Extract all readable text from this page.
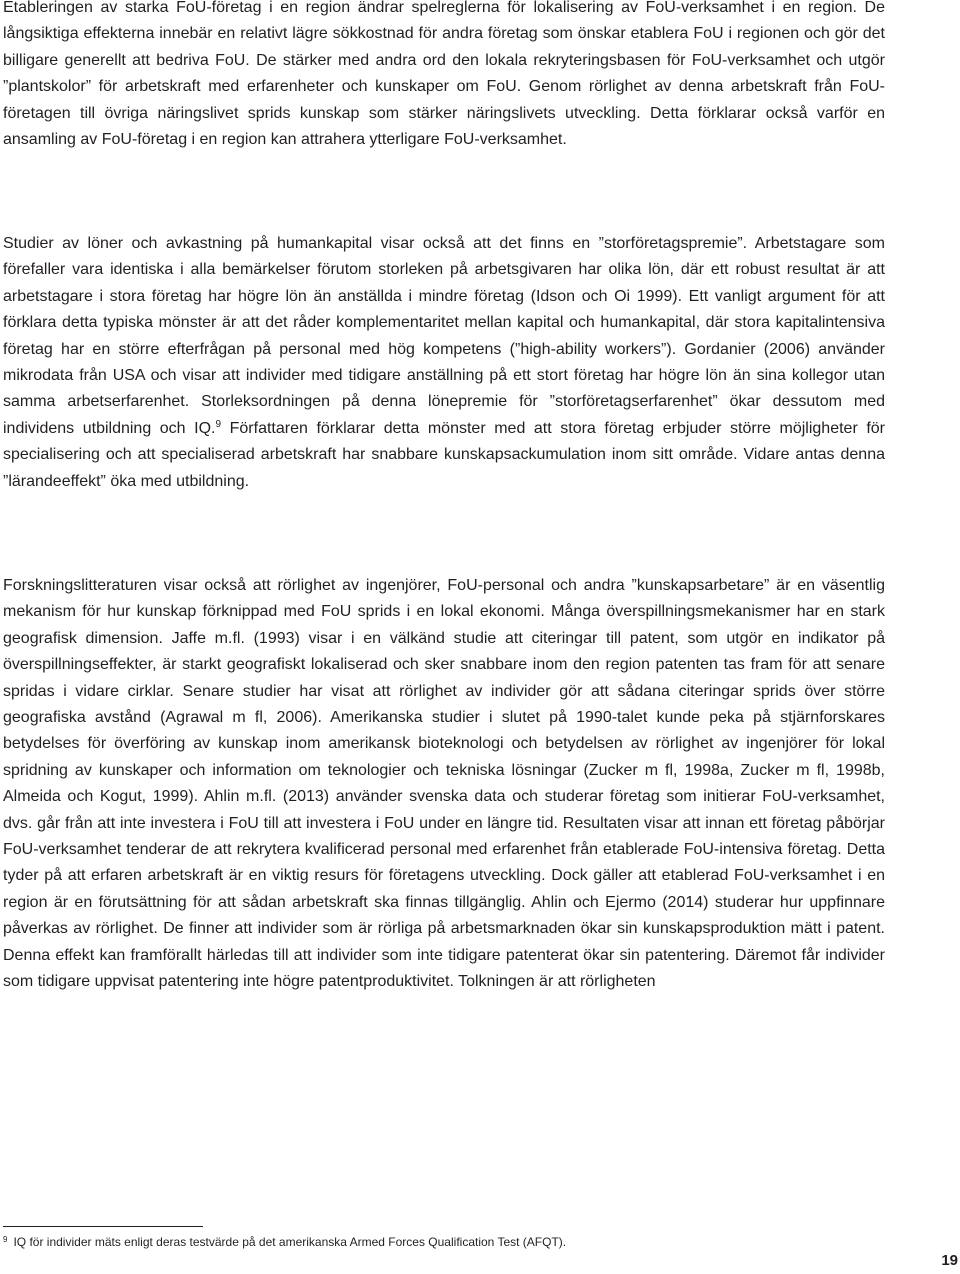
Etableringen av starka FoU-företag i en region ändrar spelreglerna för lokalisering av FoU-verksamhet i en region. De långsiktiga effekterna innebär en relativt lägre sökkostnad för andra företag som önskar etablera FoU i regionen och gör det billigare generellt att bedriva FoU. De stärker med andra ord den lokala rekryteringsbasen för FoU-verksamhet och utgör ”plantskolor” för arbetskraft med erfarenheter och kunskaper om FoU. Genom rörlighet av denna arbetskraft från FoU-företagen till övriga näringslivet sprids kunskap som stärker näringslivets utveckling. Detta förklarar också varför en ansamling av FoU-företag i en region kan attrahera ytterligare FoU-verksamhet.

Studier av löner och avkastning på humankapital visar också att det finns en ”storföretagspremie”. Arbetstagare som förefaller vara identiska i alla bemärkelser förutom storleken på arbetsgivaren har olika lön, där ett robust resultat är att arbetstagare i stora företag har högre lön än anställda i mindre företag (Idson och Oi 1999). Ett vanligt argument för att förklara detta typiska mönster är att det råder komplementaritet mellan kapital och humankapital, där stora kapitalintensiva företag har en större efterfrågan på personal med hög kompetens (”high-ability workers”). Gordanier (2006) använder mikrodata från USA och visar att individer med tidigare anställning på ett stort företag har högre lön än sina kollegor utan samma arbetserfarenhet. Storleksordningen på denna lönepremie för ”storföretagserfarenhet” ökar dessutom med individens utbildning och IQ.$^9$ Författaren förklarar detta mönster med att stora företag erbjuder större möjligheter för specialisering och att specialiserad arbetskraft har snabbare kunskapsackumulation inom sitt område. Vidare antas denna ”lärandeeffekt” öka med utbildning.

Forskningslitteraturen visar också att rörlighet av ingenjörer, FoU-personal och andra ”kunskapsarbetare” är en väsentlig mekanism för hur kunskap förknippad med FoU sprids i en lokal ekonomi. Många överspillningsmekanismer har en stark geografisk dimension. Jaffe m.fl. (1993) visar i en välkänd studie att citeringar till patent, som utgör en indikator på överspillningseffekter, är starkt geografiskt lokaliserad och sker snabbare inom den region patenten tas fram för att senare spridas i vidare cirklar. Senare studier har visat att rörlighet av individer gör att sådana citeringar sprids över större geografiska avstånd (Agrawal m fl, 2006). Amerikanska studier i slutet på 1990-talet kunde peka på stjärnforskares betydelses för överföring av kunskap inom amerikansk bioteknologi och betydelsen av rörlighet av ingenjörer för lokal spridning av kunskaper och information om teknologier och tekniska lösningar (Zucker m fl, 1998a, Zucker m fl, 1998b, Almeida och Kogut, 1999). Ahlin m.fl. (2013) använder svenska data och studerar företag som initierar FoU-verksamhet, dvs. går från att inte investera i FoU till att investera i FoU under en längre tid. Resultaten visar att innan ett företag påbörjar FoU-verksamhet tenderar de att rekrytera kvalificerad personal med erfarenhet från etablerade FoU-intensiva företag. Detta tyder på att erfaren arbetskraft är en viktig resurs för företagens utveckling. Dock gäller att etablerad FoU-verksamhet i en region är en förutsättning för att sådan arbetskraft ska finnas tillgänglig. Ahlin och Ejermo (2014) studerar hur uppfinnare påverkas av rörlighet. De finner att individer som är rörliga på arbetsmarknaden ökar sin kunskapsproduktion mätt i patent. Denna effekt kan framförallt härledas till att individer som inte tidigare patenterat ökar sin patentering. Däremot får individer som tidigare uppvisat patentering inte högre patentproduktivitet. Tolkningen är att rörligheten

$^9$ IQ för individer mäts enligt deras testvärde på det amerikanska Armed Forces Qualification Test (AFQT).
19
